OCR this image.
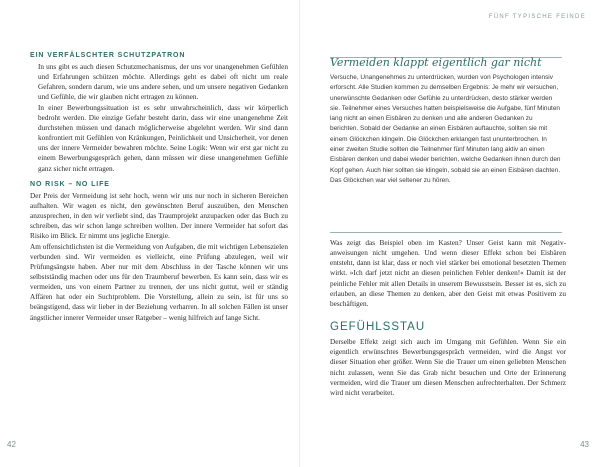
FÜNF TYPISCHE FEINDE
42	43
EIN VERFÄLSCHTER SCHUTZPATRON

In uns gibt es auch diesen Schutzmechanismus, der uns vor unangenehmen Gefühlen und Erfahrungen schützen möchte. Allerdings geht es dabei oft nicht um reale Gefahren, sondern darum, wie uns andere sehen, und um unsere negativen Gedanken und Gefühle, die wir glauben nicht ertragen zu können.

In einer Bewerbungssituation ist es sehr unwahrscheinlich, dass wir körperlich bedroht werden. Die einzige Gefahr besteht darin, dass wir eine unangenehme Zeit durchstehen müssen und danach möglicherweise abgelehnt werden. Wir sind dann konfrontiert mit Gefühlen von Kränkungen, Peinlichkeit und Unsicherheit, vor denen uns der innere Vermeider bewahren möchte. Seine Logik: Wenn wir erst gar nicht zu einem Bewerbungsgespräch gehen, dann müssen wir diese unangenehmen Gefühle ganz sicher nicht ertragen.

NO RISK – NO LIFE

Der Preis der Vermeidung ist sehr hoch, wenn wir uns nur noch in sicheren Bereichen aufhalten. Wir wagen es nicht, den gewünschten Beruf auszuüben, den Menschen anzusprechen, in den wir verliebt sind, das Traumprojekt anzupacken oder das Buch zu schreiben, das wir schon lange schreiben wollten. Der innere Vermeider hat sofort das Risiko im Blick. Er nimmt uns jegliche Energie.

Am offensichtlichsten ist die Vermeidung von Aufgaben, die mit wichtigen Lebenszielen verbunden sind. Wir vermeiden es vielleicht, eine Prüfung abzulegen, weil wir Prüfungsängste haben. Aber nur mit dem Abschluss in der Tasche können wir uns selbstständig machen oder uns für den Traumberuf bewerben. Es kann sein, dass wir es vermeiden, uns von einem Partner zu trennen, der uns nicht guttut, weil er ständig Affären hat oder ein Suchtproblem. Die Vorstellung, allein zu sein, ist für uns so beängstigend, dass wir lieber in der Beziehung verharren. In all solchen Fällen ist unser ängstlicher innerer Vermeider unser Ratgeber – wenig hilfreich auf lange Sicht.

Vermeiden klappt eigentlich gar nicht

Versuche, Unangenehmes zu unterdrücken, wurden von Psychologen intensiv erforscht. Alle Studien kommen zu demselben Ergebnis: Je mehr wir versuchen, unerwünschte Gedanken oder Gefühle zu unterdrücken, desto stärker werden sie. Teilnehmer eines Versuches hatten beispielsweise die Aufgabe, fünf Minuten lang nicht an einen Eisbären zu denken und alle anderen Gedanken zu berichten. Sobald der Gedanke an einen Eisbären auftauchte, sollten sie mit einem Glöckchen klingeln. Die Glöckchen erklangen fast ununterbrochen. In einer zweiten Studie sollten die Teilnehmer fünf Minuten lang aktiv an einen Eisbären denken und dabei wieder berichten, welche Gedanken ihnen durch den Kopf gehen. Auch hier sollten sie klingeln, sobald sie an einen Eisbären dachten. Das Glöckchen war viel seltener zu hören.

Was zeigt das Beispiel oben im Kasten? Unser Geist kann mit Negativanweisungen nicht umgehen. Und wenn dieser Effekt schon bei Eisbären entsteht, dann ist klar, dass er noch viel stärker bei emotional besetzten Themen wirkt. »Ich darf jetzt nicht an diesen peinlichen Fehler denken!« Damit ist der peinliche Fehler mit allen Details in unserem Bewusstsein. Besser ist es, sich zu erlauben, an diese Themen zu denken, aber den Geist mit etwas Positivem zu beschäftigen.

GEFÜHLSSTAU

Derselbe Effekt zeigt sich auch im Umgang mit Gefühlen. Wenn Sie ein eigentlich erwünschtes Bewerbungsgespräch vermeiden, wird die Angst vor dieser Situation eher größer. Wenn Sie die Trauer um einen geliebten Menschen nicht zulassen, wenn Sie das Grab nicht besuchen und Orte der Erinnerung vermeiden, wird die Trauer um diesen Menschen aufrechterhalten. Der Schmerz wird nicht verarbeitet.
